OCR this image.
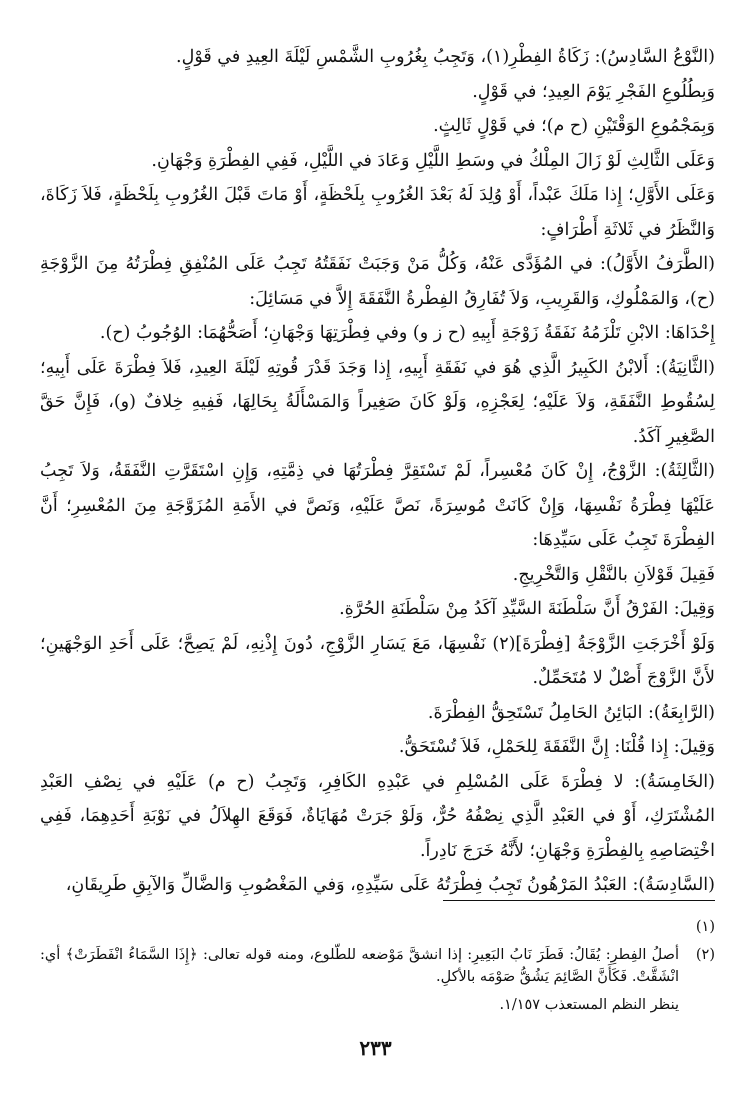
(النَّوْعُ السَّادِسُ): زَكَاةُ الفِطْرِ(١)، وَتَجِبُ بِغُرُوبِ الشَّمْسِ لَيْلَةَ العِيدِ في قَوْلٍ.

وَبِطُلُوعِ الفَجْرِ يَوْمَ العِيدِ؛ في قَوْلٍ.

وَبِمَجْمُوعِ الوَقْتَيْنِ (ح م)؛ في قَوْلٍ ثَالِثٍ.

وَعَلَى الثَّالِثِ لَوْ زَالَ المِلْكُ في وسَطِ اللَّيْلِ وَعَادَ في اللَّيْلِ، فَفِي الفِطْرَةِ وَجْهَانِ.

وَعَلَى الأَوَّلِ؛ إِذا مَلَكَ عَبْداً، أَوْ وُلِدَ لَهُ بَعْدَ الغُرُوبِ بِلَحْظَةٍ، أَوْ مَاتَ قَبْلَ الغُرُوبِ بِلَحْظَةٍ، فَلاَ زَكَاةَ، وَالنَّظَرُ في ثَلاثَةِ أَطْرَافٍ:

(الطَّرَفُ الأَوَّلُ): في المُؤَدَّى عَنْهُ، وَكُلُّ مَنْ وَجَبَتْ نَفَقَتُهُ تَجِبُ عَلَى المُنْفِقِ فِطْرَتُهُ مِنَ الزَّوْجَةِ (ح)، وَالمَمْلُوكِ، وَالقَرِيبِ، وَلاَ تُفَارِقُ الفِطْرةُ النَّفَقَةَ إِلاَّ في مَسَائِلَ:

إِحْدَاهَا: الابْنِ تَلْزَمُهُ نَفَقَةُ زَوْجَةِ أَبِيهِ (ح ز و) وفي فِطْرَتِهَا وَجْهَانِ؛ أَصَحُّهُمَا: الوُجُوبُ (ح).

(الثَّانِيَةُ): أَلابْنُ الكَبِيرُ الَّذِي هُوَ في نَفَقَةِ أَبِيهِ، إِذا وَجَدَ قَدْرَ قُوتِهِ لَيْلَةَ العِيدِ، فَلاَ فِطْرَةَ عَلَى أَبِيهِ؛ لِسُقُوطِ النَّفَقَةِ، وَلاَ عَلَيْهِ؛ لِعَجْزِهِ، وَلَوْ كَانَ صَغِيراً وَالمَسْأَلَةُ بِحَالِهَا، فَفِيهِ خِلافٌ (و)، فَإِنَّ حَقَّ الصَّغِيرِ آكَدُ.

(الثَّالِثَةُ): الزَّوْجُ، إِنْ كَانَ مُعْسِراً، لَمْ تَسْتَقِرَّ فِطْرَتُهَا في ذِمَّتِهِ، وَإِنِ اسْتَقَرَّتِ النَّفَقَةُ، وَلاَ تَجِبُ عَلَيْهَا فِطْرَةُ نَفْسِهَا، وَإِنْ كَانَتْ مُوسِرَةً، نَصَّ عَلَيْهِ، وَنَصَّ في الأَمَةِ المُزَوَّجَةِ مِنَ المُعْسِرِ؛ أَنَّ الفِطْرَةَ تَجِبُ عَلَى سَيِّدِهَا:

فَقِيلَ قَوْلاَنِ بالنَّقْلِ وَالتَّخْرِيجِ.

وَقِيلَ: الفَرْقُ أَنَّ سَلْطَنَةَ السَّيِّدِ آكَدُ مِنْ سَلْطَنَةِ الحُرَّةِ.

وَلَوْ أَخْرَجَتِ الزَّوْجَةُ [فِطْرَةَ](٢) نَفْسِهَا، مَعَ يَسَارِ الزَّوْجِ، دُونَ إِذْنِهِ، لَمْ يَصِحَّ؛ عَلَى أَحَدِ الوَجْهَينِ؛ لأَنَّ الزَّوْجَ أَصْلٌ لا مُتَحَمِّلٌ.

(الرَّابِعَةُ): البَائِنُ الحَامِلُ تَسْتَحِقُّ الفِطْرَةَ.

وَقِيلَ: إِذا قُلْنَا: إِنَّ النَّفَقَةَ لِلحَمْلِ، فَلاَ تُسْتَحَقُّ.

(الخَامِسَةُ): لا فِطْرَةَ عَلَى المُسْلِمِ في عَبْدِهِ الكَافِرِ، وَتَجِبُ (ح م) عَلَيْهِ في نِصْفِ العَبْدِ المُشْتَرَكِ، أَوْ في العَبْدِ الَّذِي نِصْفُهُ حُرٌّ، وَلَوْ جَرَتْ مُهَايَاةٌ، فَوَقَعَ الهِلاَلُ في نَوْبَةِ أَحَدِهِمَا، فَفِي اخْتِصَاصِهِ بِالفِطْرَةِ وَجْهَانِ؛ لأَنَّهُ خَرَجَ نَادِراً.

(السَّادِسَةُ): العَبْدُ المَرْهُونُ تَجِبُ فِطْرَتُهُ عَلَى سَيِّدِهِ، وَفي المَغْصُوبِ وَالضَّالِّ وَالآبِقِ طَرِيقَانِ،

(١)
(٢)
أصلُ الفِطرِ: يُقَالُ: فَطَرَ نَابُ البَعِيرِ: إذا انشقَّ مَوْضعه للطّلوع، ومنه قوله تعالى: ﴿إِذَا السَّمَاءُ انْفَطَرَتْ﴾ أي: انْشَقَّتْ. فَكَأَنَّ الصَّائِمَ يَشُقُّ صَوْمَه بالأكلِ.

ينظر النظم المستعذب ١/١٥٧.

٢٣٣
